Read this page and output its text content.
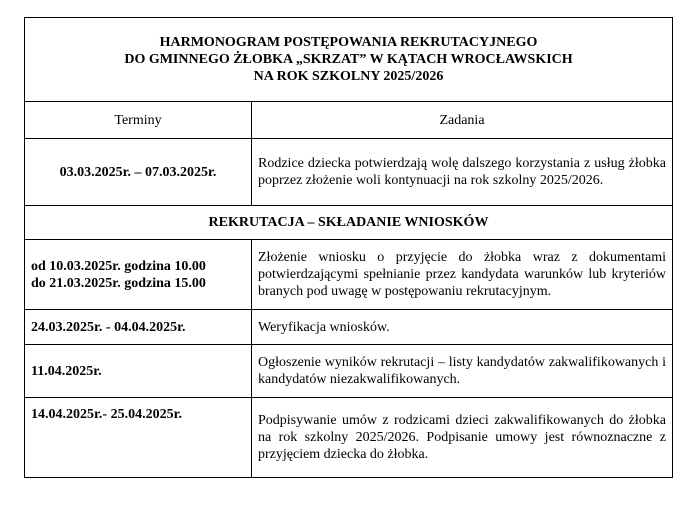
HARMONOGRAM POSTĘPOWANIA REKRUTACYJNEGO
DO GMINNEGO ŻŁOBKA „SKRZAT” W KĄTACH WROCŁAWSKICH
NA ROK SZKOLNY 2025/2026	

Terminy	Zadania
03.03.2025r. – 07.03.2025r.	Rodzice dziecka potwierdzają wolę dalszego korzystania z usług żłobka poprzez złożenie woli kontynuacji na rok szkolny 2025/2026.
REKRUTACJA – SKŁADANIE WNIOSKÓW	

od 10.03.2025r. godzina 10.00
do 21.03.2025r. godzina 15.00	Złożenie wniosku o przyjęcie do żłobka wraz z dokumentami potwierdzającymi spełnianie przez kandydata warunków lub kryteriów branych pod uwagę w postępowaniu rekrutacyjnym.
24.03.2025r. - 04.04.2025r.	Weryfikacja wniosków.
11.04.2025r.	Ogłoszenie wyników rekrutacji – listy kandydatów zakwalifikowanych i kandydatów niezakwalifikowanych.
14.04.2025r.- 25.04.2025r.	Podpisywanie umów z rodzicami dzieci zakwalifikowanych do żłobka na rok szkolny 2025/2026. Podpisanie umowy jest równoznaczne z przyjęciem dziecka do żłobka.
